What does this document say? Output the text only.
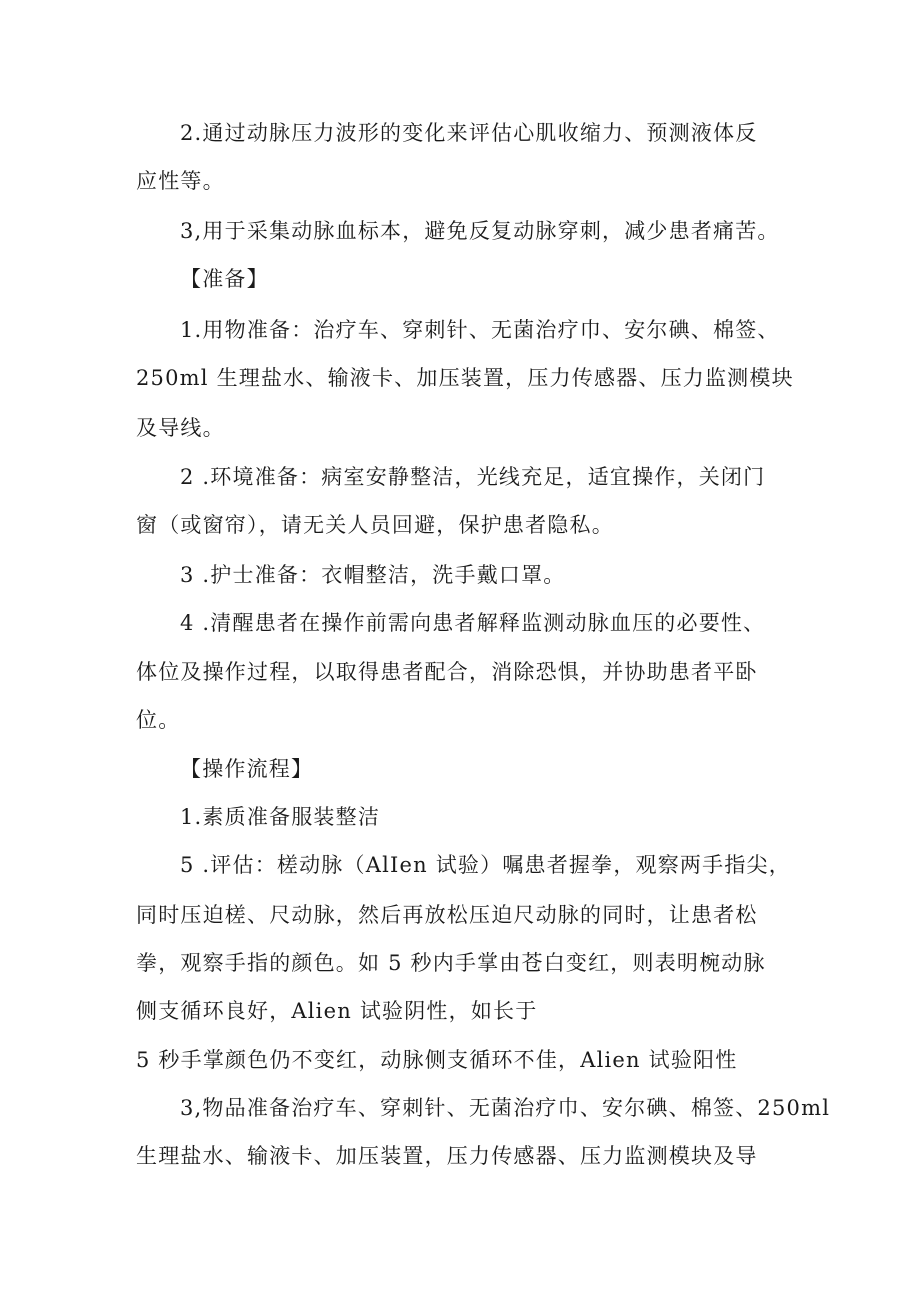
2.通过动脉压力波形的变化来评估心肌收缩力、预测液体反
应性等。
3,用于采集动脉血标本，避免反复动脉穿刺，减少患者痛苦。
【准备】
1.用物准备：治疗车、穿刺针、无菌治疗巾、安尔碘、棉签、
250ml 生理盐水、输液卡、加压装置，压力传感器、压力监测模块
及导线。
2 .环境准备：病室安静整洁，光线充足，适宜操作，关闭门
窗（或窗帘），请无关人员回避，保护患者隐私。
3 .护士准备：衣帽整洁，洗手戴口罩。
4 .清醒患者在操作前需向患者解释监测动脉血压的必要性、
体位及操作过程，以取得患者配合，消除恐惧，并协助患者平卧
位。
【操作流程】
1.素质准备服装整洁
5 .评估：槎动脉（AlIen 试验）嘱患者握拳，观察两手指尖，
同时压迫槎、尺动脉，然后再放松压迫尺动脉的同时，让患者松
拳，观察手指的颜色。如 5 秒内手掌由苍白变红，则表明椀动脉
侧支循环良好，Alien 试验阴性，如长于
5 秒手掌颜色仍不变红，动脉侧支循环不佳，Alien 试验阳性
3,物品准备治疗车、穿刺针、无菌治疗巾、安尔碘、棉签、250ml
生理盐水、输液卡、加压装置，压力传感器、压力监测模块及导
